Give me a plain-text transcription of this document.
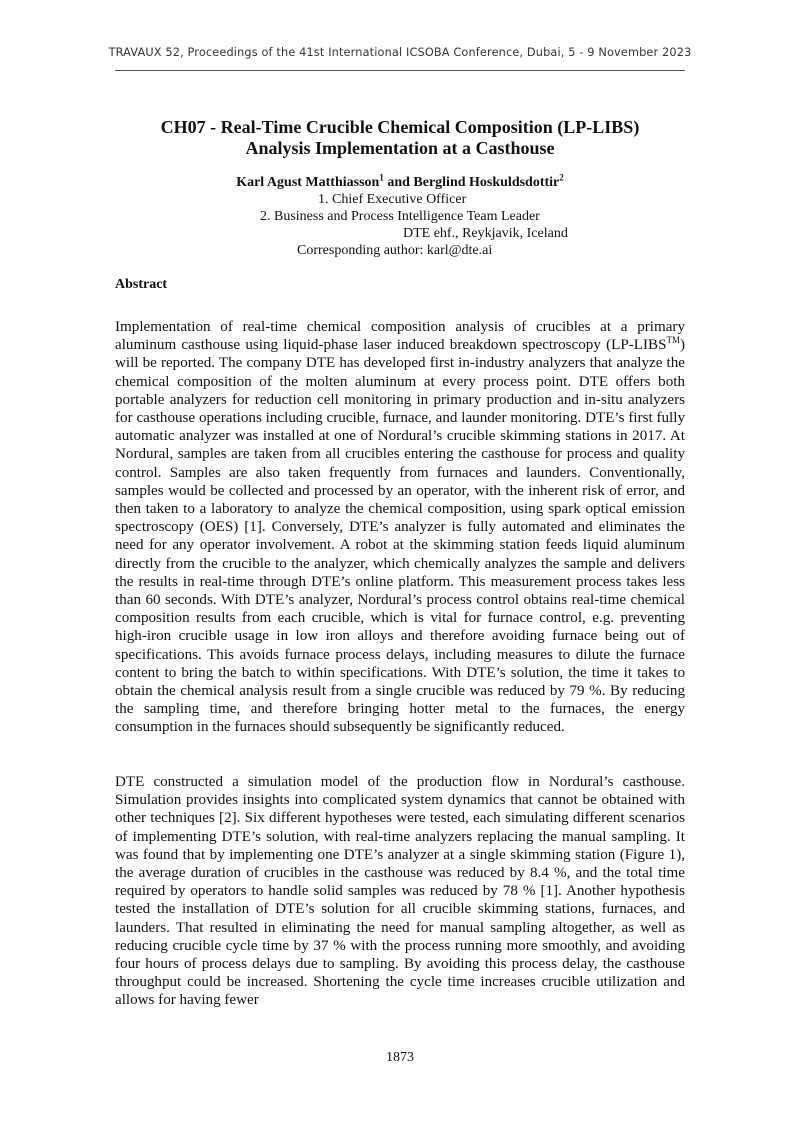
TRAVAUX 52, Proceedings of the 41st International ICSOBA Conference, Dubai, 5 - 9 November 2023
CH07 - Real-Time Crucible Chemical Composition (LP-LIBS)
Analysis Implementation at a Casthouse
Karl Agust Matthiasson$^1$ and Berglind Hoskuldsdottir$^2$
1. Chief Executive Officer
2. Business and Process Intelligence Team Leader
DTE ehf., Reykjavik, Iceland
Corresponding author: karl@dte.ai
Abstract

Implementation of real-time chemical composition analysis of crucibles at a primary aluminum casthouse using liquid-phase laser induced breakdown spectroscopy (LP-LIBS™) will be reported. The company DTE has developed first in-industry analyzers that analyze the chemical composition of the molten aluminum at every process point. DTE offers both portable analyzers for reduction cell monitoring in primary production and in-situ analyzers for casthouse operations including crucible, furnace, and launder monitoring. DTE’s first fully automatic analyzer was installed at one of Nordural’s crucible skimming stations in 2017. At Nordural, samples are taken from all crucibles entering the casthouse for process and quality control. Samples are also taken frequently from furnaces and launders. Conventionally, samples would be collected and processed by an operator, with the inherent risk of error, and then taken to a laboratory to analyze the chemical composition, using spark optical emission spectroscopy (OES) [1]. Conversely, DTE’s analyzer is fully automated and eliminates the need for any operator involvement. A robot at the skimming station feeds liquid aluminum directly from the crucible to the analyzer, which chemically analyzes the sample and delivers the results in real-time through DTE’s online platform. This measurement process takes less than 60 seconds. With DTE’s analyzer, Nordural’s process control obtains real-time chemical composition results from each crucible, which is vital for furnace control, e.g. preventing high-iron crucible usage in low iron alloys and therefore avoiding furnace being out of specifications. This avoids furnace process delays, including measures to dilute the furnace content to bring the batch to within specifications. With DTE’s solution, the time it takes to obtain the chemical analysis result from a single crucible was reduced by 79 %. By reducing the sampling time, and therefore bringing hotter metal to the furnaces, the energy consumption in the furnaces should subsequently be significantly reduced.

DTE constructed a simulation model of the production flow in Nordural’s casthouse. Simulation provides insights into complicated system dynamics that cannot be obtained with other techniques [2]. Six different hypotheses were tested, each simulating different scenarios of implementing DTE’s solution, with real-time analyzers replacing the manual sampling. It was found that by implementing one DTE’s analyzer at a single skimming station (Figure 1), the average duration of crucibles in the casthouse was reduced by 8.4 %, and the total time required by operators to handle solid samples was reduced by 78 % [1]. Another hypothesis tested the installation of DTE’s solution for all crucible skimming stations, furnaces, and launders. That resulted in eliminating the need for manual sampling altogether, as well as reducing crucible cycle time by 37 % with the process running more smoothly, and avoiding four hours of process delays due to sampling. By avoiding this process delay, the casthouse throughput could be increased. Shortening the cycle time increases crucible utilization and allows for having fewer

1873
